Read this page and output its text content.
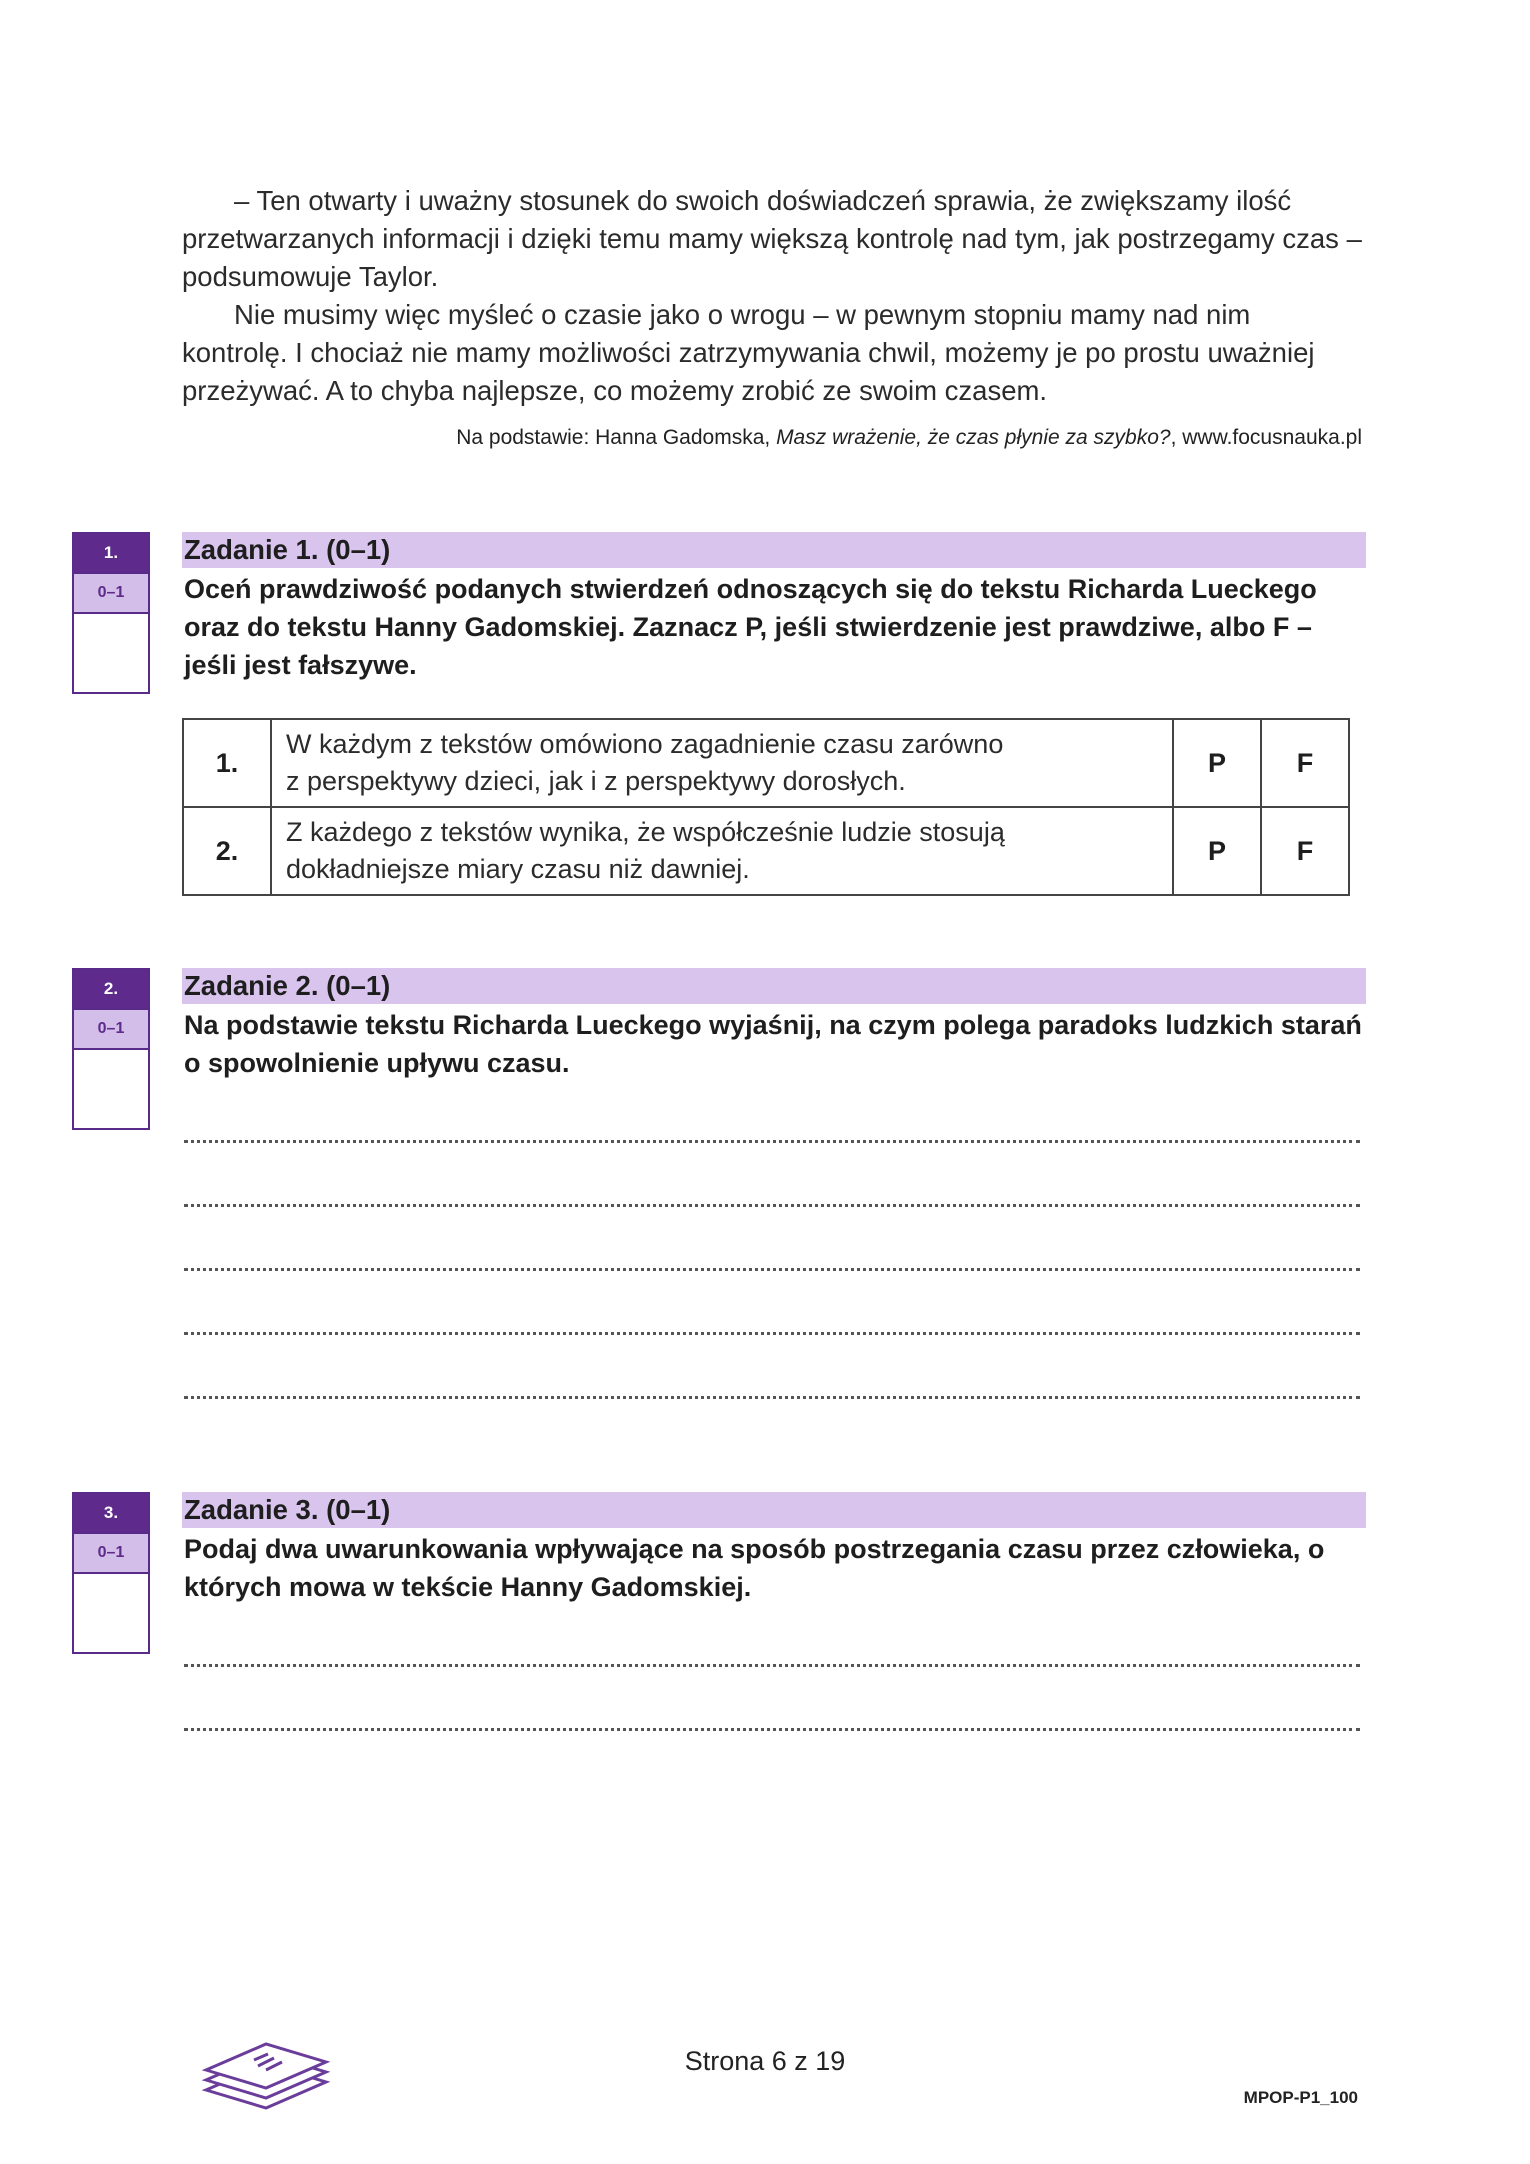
– Ten otwarty i uważny stosunek do swoich doświadczeń sprawia, że zwiększamy ilość przetwarzanych informacji i dzięki temu mamy większą kontrolę nad tym, jak postrzegamy czas – podsumowuje Taylor.

Nie musimy więc myśleć o czasie jako o wrogu – w pewnym stopniu mamy nad nim kontrolę. I chociaż nie mamy możliwości zatrzymywania chwil, możemy je po prostu uważniej przeżywać. A to chyba najlepsze, co możemy zrobić ze swoim czasem.

Na podstawie: Hanna Gadomska, Masz wrażenie, że czas płynie za szybko?, www.focusnauka.pl
1.
0–1
Zadanie 1. (0–1)
Oceń prawdziwość podanych stwierdzeń odnoszących się do tekstu Richarda Lueckego oraz do tekstu Hanny Gadomskiej. Zaznacz P, jeśli stwierdzenie jest prawdziwe, albo F – jeśli jest fałszywe.
1.	W każdym z tekstów omówiono zagadnienie czasu zarówno
z perspektywy dzieci, jak i z perspektywy dorosłych.	P	F
2.	Z każdego z tekstów wynika, że współcześnie ludzie stosują
dokładniejsze miary czasu niż dawniej.	P	F
2.
0–1
Zadanie 2. (0–1)
Na podstawie tekstu Richarda Lueckego wyjaśnij, na czym polega paradoks ludzkich starań o spowolnienie upływu czasu.
3.
0–1
Zadanie 3. (0–1)
Podaj dwa uwarunkowania wpływające na sposób postrzegania czasu przez człowieka, o których mowa w tekście Hanny Gadomskiej.
Strona 6 z 19
MPOP-P1_100
